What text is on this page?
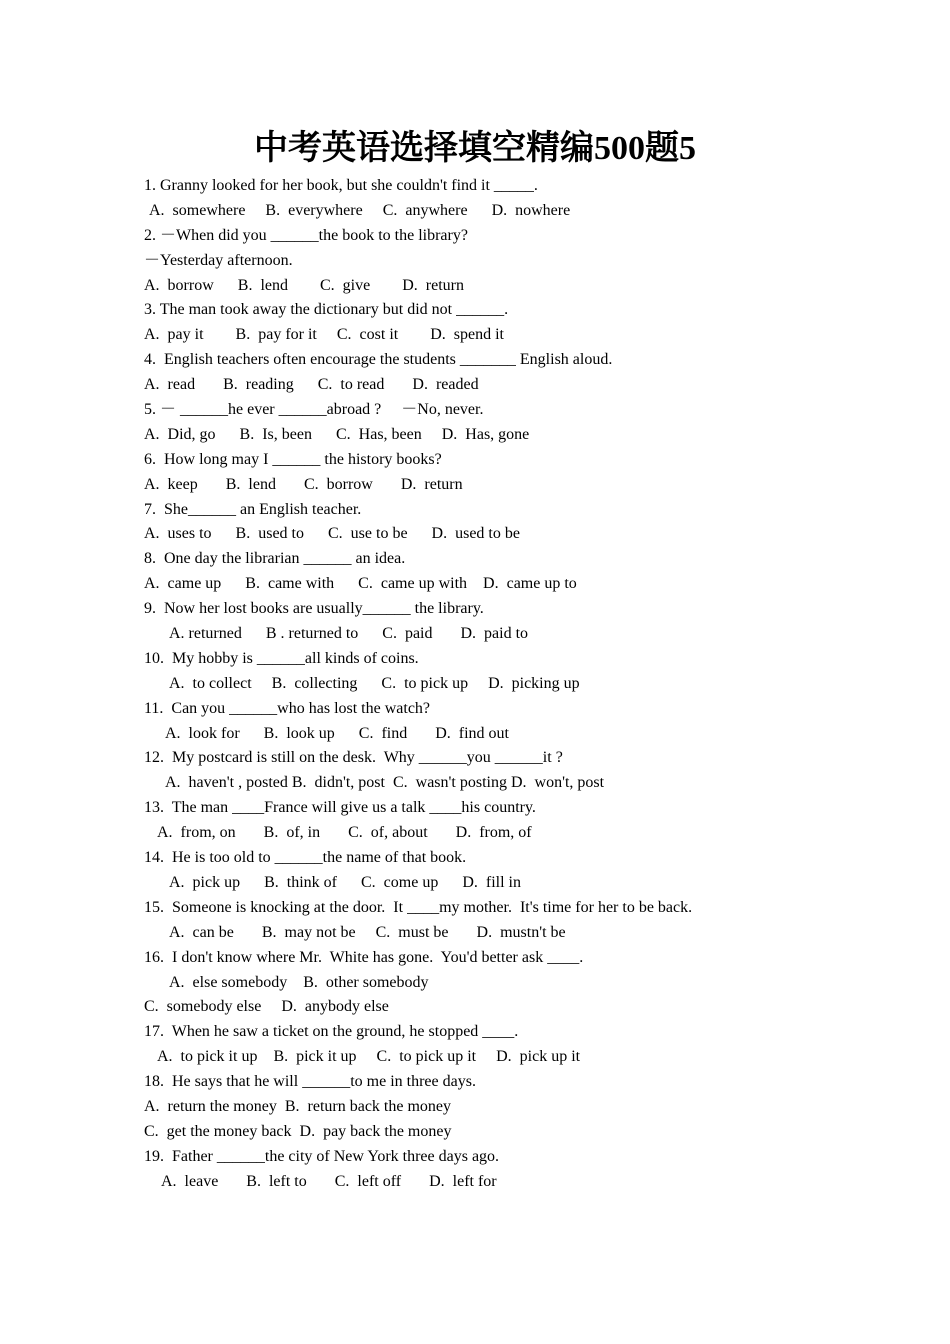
中考英语选择填空精编500题5
1. Granny looked for her book, but she couldn't find it _____.
A.  somewhere     B.  everywhere     C.  anywhere      D.  nowhere
2. －When did you ______the book to the library?
－Yesterday afternoon.
A.  borrow      B.  lend        C.  give        D.  return
3. The man took away the dictionary but did not ______.
A.  pay it        B.  pay for it     C.  cost it        D.  spend it
4.  English teachers often encourage the students _______ English aloud.
A.  read       B.  reading      C.  to read       D.  readed
5. － ______he ever ______abroad ?     －No, never.
A.  Did, go      B.  Is, been      C.  Has, been     D.  Has, gone
6.  How long may I ______ the history books?
A.  keep       B.  lend       C.  borrow       D.  return
7.  She______ an English teacher.
A.  uses to      B.  used to      C.  use to be      D.  used to be
8.  One day the librarian ______ an idea.
A.  came up      B.  came with      C.  came up with    D.  came up to
9.  Now her lost books are usually______ the library.
A. returned      B . returned to      C.  paid       D.  paid to
10.  My hobby is ______all kinds of coins.
A.  to collect     B.  collecting      C.  to pick up     D.  picking up
11.  Can you ______who has lost the watch?
A.  look for      B.  look up      C.  find       D.  find out
12.  My postcard is still on the desk.  Why ______you ______it ?
A.  haven't , posted B.  didn't, post  C.  wasn't posting D.  won't, post
13.  The man ____France will give us a talk ____his country.
A.  from, on       B.  of, in       C.  of, about       D.  from, of
14.  He is too old to ______the name of that book.
A.  pick up      B.  think of      C.  come up      D.  fill in
15.  Someone is knocking at the door.  It ____my mother.  It's time for her to be back.
A.  can be       B.  may not be     C.  must be       D.  mustn't be
16.  I don't know where Mr.  White has gone.  You'd better ask ____.
A.  else somebody    B.  other somebody
C.  somebody else     D.  anybody else
17.  When he saw a ticket on the ground, he stopped ____.
A.  to pick it up    B.  pick it up     C.  to pick up it     D.  pick up it
18.  He says that he will ______to me in three days.
A.  return the money  B.  return back the money
C.  get the money back  D.  pay back the money
19.  Father ______the city of New York three days ago.
A.  leave       B.  left to       C.  left off       D.  left for
